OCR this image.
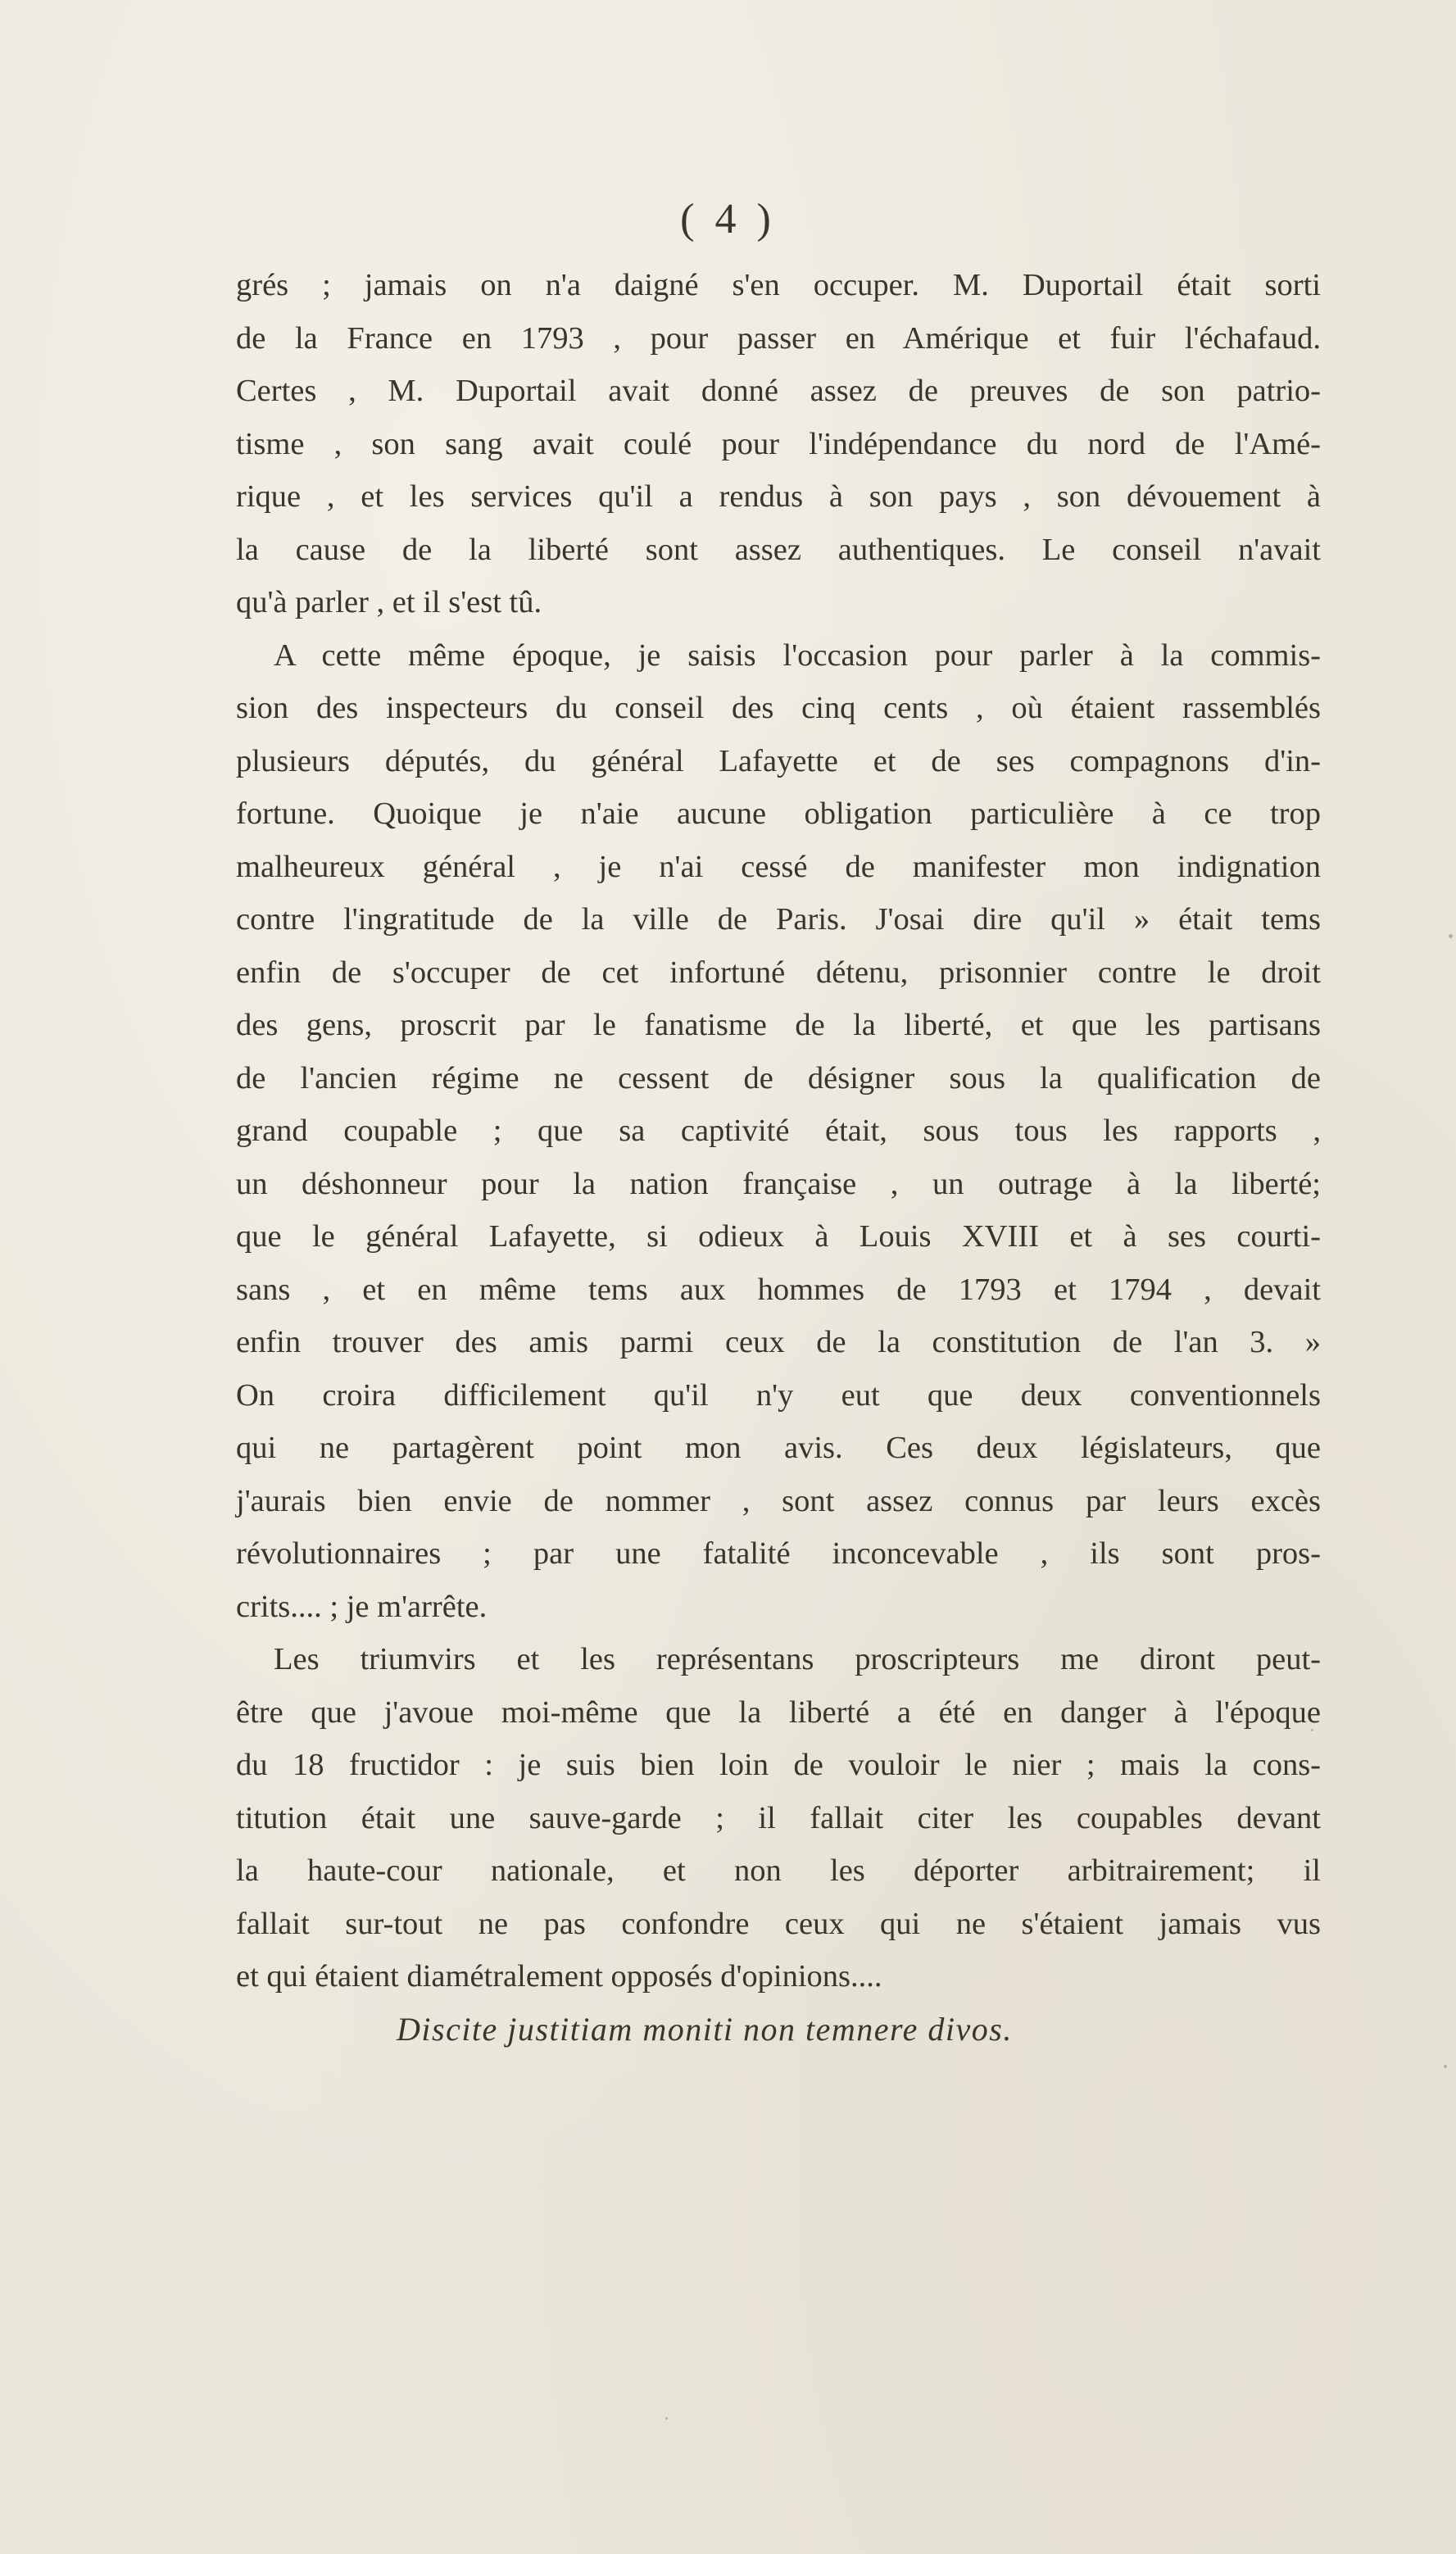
( 4 )
grés ; jamais on n'a daigné s'en occuper. M. Duportail était sorti
de la France en 1793 , pour passer en Amérique et fuir l'échafaud.
Certes , M. Duportail avait donné assez de preuves de son patrio-
tisme , son sang avait coulé pour l'indépendance du nord de l'Amé-
rique , et les services qu'il a rendus à son pays , son dévouement à
la cause de la liberté sont assez authentiques. Le conseil n'avait
qu'à parler , et il s'est tû.
A cette même époque, je saisis l'occasion pour parler à la commis-
sion des inspecteurs du conseil des cinq cents , où étaient rassemblés
plusieurs députés, du général Lafayette et de ses compagnons d'in-
fortune. Quoique je n'aie aucune obligation particulière à ce trop
malheureux général , je n'ai cessé de manifester mon indignation
contre l'ingratitude de la ville de Paris. J'osai dire qu'il » était tems
enfin de s'occuper de cet infortuné détenu, prisonnier contre le droit
des gens, proscrit par le fanatisme de la liberté, et que les partisans
de l'ancien régime ne cessent de désigner sous la qualification de
grand coupable ; que sa captivité était, sous tous les rapports ,
un déshonneur pour la nation française , un outrage à la liberté;
que le général Lafayette, si odieux à Louis XVIII et à ses courti-
sans , et en même tems aux hommes de 1793 et 1794 , devait
enfin trouver des amis parmi ceux de la constitution de l'an 3. »
On croira difficilement qu'il n'y eut que deux conventionnels
qui ne partagèrent point mon avis. Ces deux législateurs, que
j'aurais bien envie de nommer , sont assez connus par leurs excès
révolutionnaires ; par une fatalité inconcevable , ils sont pros-
crits.... ; je m'arrête.
Les triumvirs et les représentans proscripteurs me diront peut-
être que j'avoue moi-même que la liberté a été en danger à l'époque
du 18 fructidor : je suis bien loin de vouloir le nier ; mais la cons-
titution était une sauve-garde ; il fallait citer les coupables devant
la haute-cour nationale, et non les déporter arbitrairement; il
fallait sur-tout ne pas confondre ceux qui ne s'étaient jamais vus
et qui étaient diamétralement opposés d'opinions....
Discite justitiam moniti non temnere divos.
